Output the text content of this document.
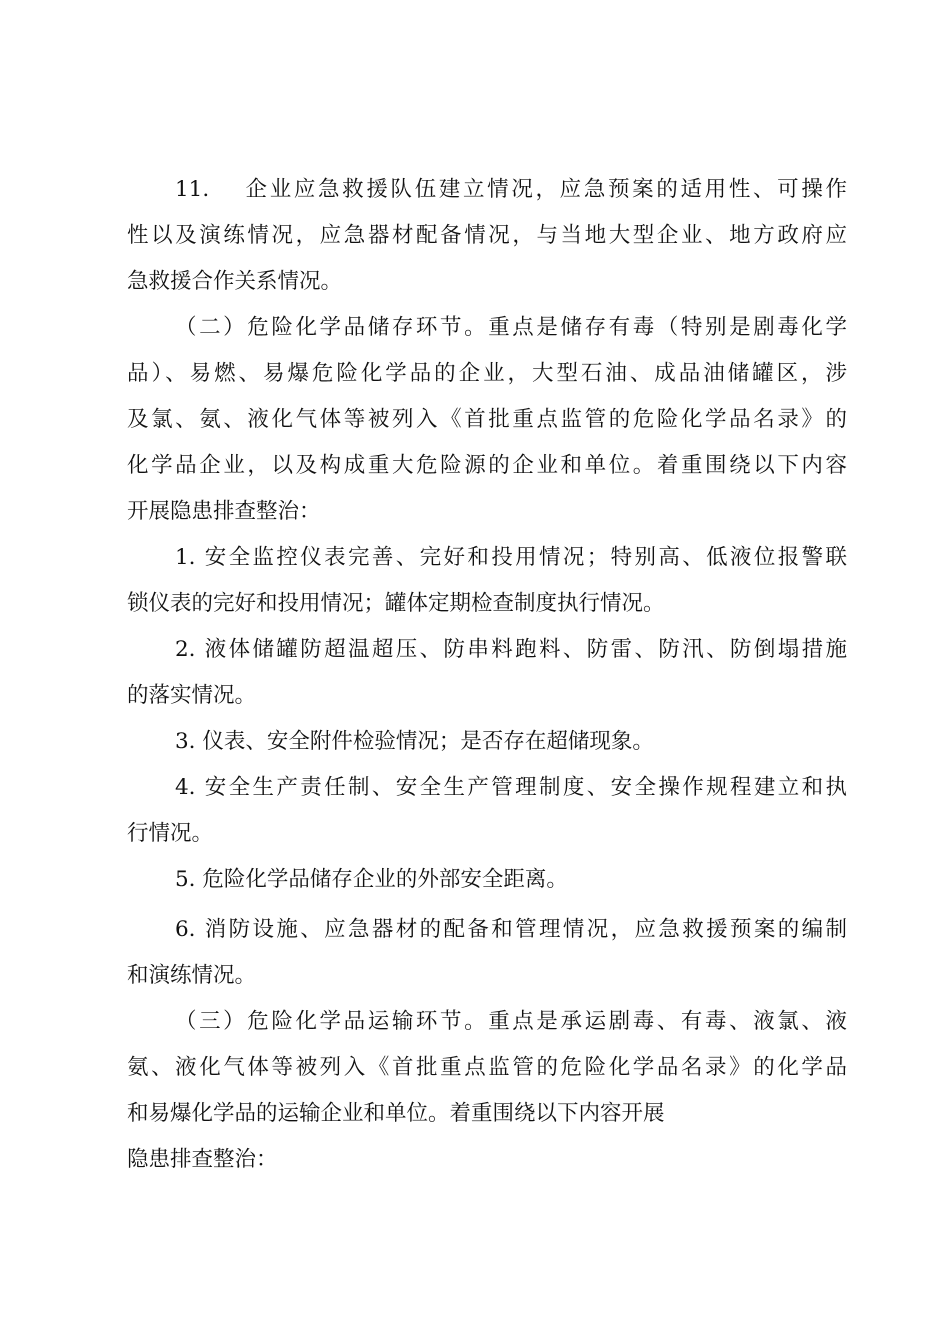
11.　 企业应急救援队伍建立情况，应急预案的适用性、可操作
性以及演练情况，应急器材配备情况，与当地大型企业、地方政府应
急救援合作关系情况。
（二）危险化学品储存环节。重点是储存有毒（特别是剧毒化学
品）、易燃、易爆危险化学品的企业，大型石油、成品油储罐区，涉
及氯、氨、液化气体等被列入《首批重点监管的危险化学品名录》的
化学品企业，以及构成重大危险源的企业和单位。着重围绕以下内容
开展隐患排查整治：
1. 安全监控仪表完善、完好和投用情况；特别高、低液位报警联
锁仪表的完好和投用情况；罐体定期检查制度执行情况。
2. 液体储罐防超温超压、防串料跑料、防雷、防汛、防倒塌措施
的落实情况。
3. 仪表、安全附件检验情况；是否存在超储现象。
4. 安全生产责任制、安全生产管理制度、安全操作规程建立和执
行情况。
5. 危险化学品储存企业的外部安全距离。
6. 消防设施、应急器材的配备和管理情况，应急救援预案的编制
和演练情况。
（三）危险化学品运输环节。重点是承运剧毒、有毒、液氯、液
氨、液化气体等被列入《首批重点监管的危险化学品名录》的化学品
和易爆化学品的运输企业和单位。着重围绕以下内容开展
隐患排查整治：
